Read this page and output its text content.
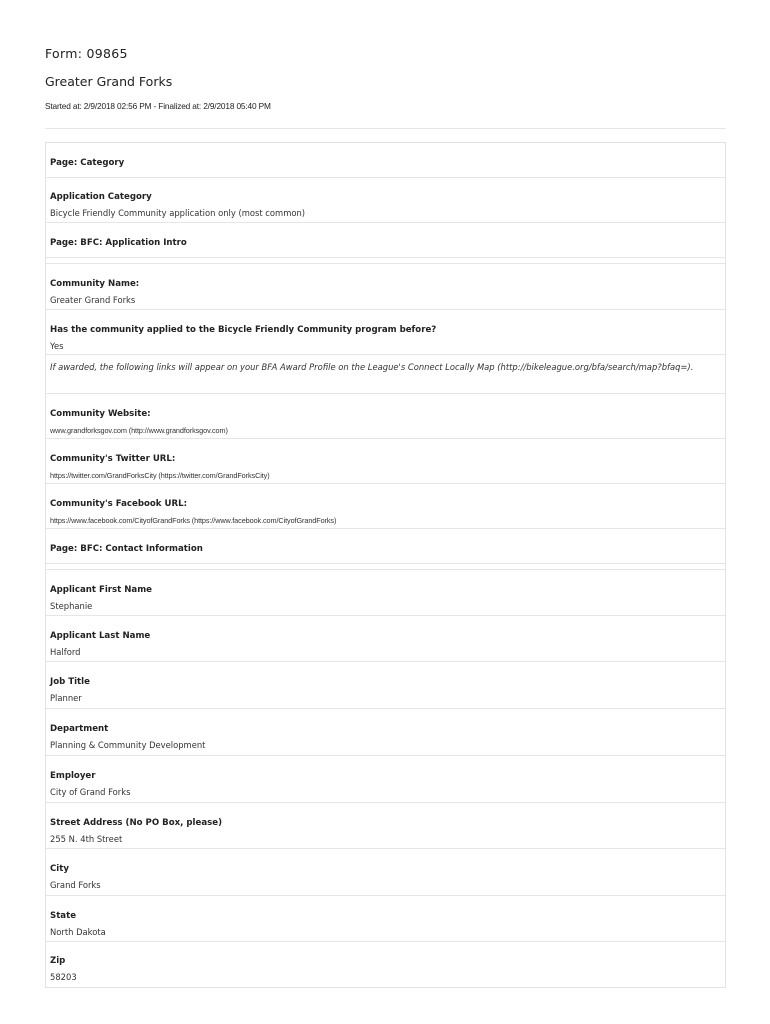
Form: 09865
Greater Grand Forks
Started at: 2/9/2018 02:56 PM - Finalized at: 2/9/2018 05:40 PM
Page: Category
Application Category
Bicycle Friendly Community application only (most common)
Page: BFC: Application Intro
Community Name:
Greater Grand Forks
Has the community applied to the Bicycle Friendly Community program before?
Yes
If awarded, the following links will appear on your BFA Award Profile on the League's Connect Locally Map (http://bikeleague.org/bfa/search/map?bfaq=).
Community Website:
www.grandforksgov.com (http://www.grandforksgov.com)
Community's Twitter URL:
https://twitter.com/GrandForksCity (https://twitter.com/GrandForksCity)
Community's Facebook URL:
https://www.facebook.com/CityofGrandForks (https://www.facebook.com/CityofGrandForks)
Page: BFC: Contact Information
Applicant First Name
Stephanie
Applicant Last Name
Halford
Job Title
Planner
Department
Planning & Community Development
Employer
City of Grand Forks
Street Address (No PO Box, please)
255 N. 4th Street
City
Grand Forks
State
North Dakota
Zip
58203
